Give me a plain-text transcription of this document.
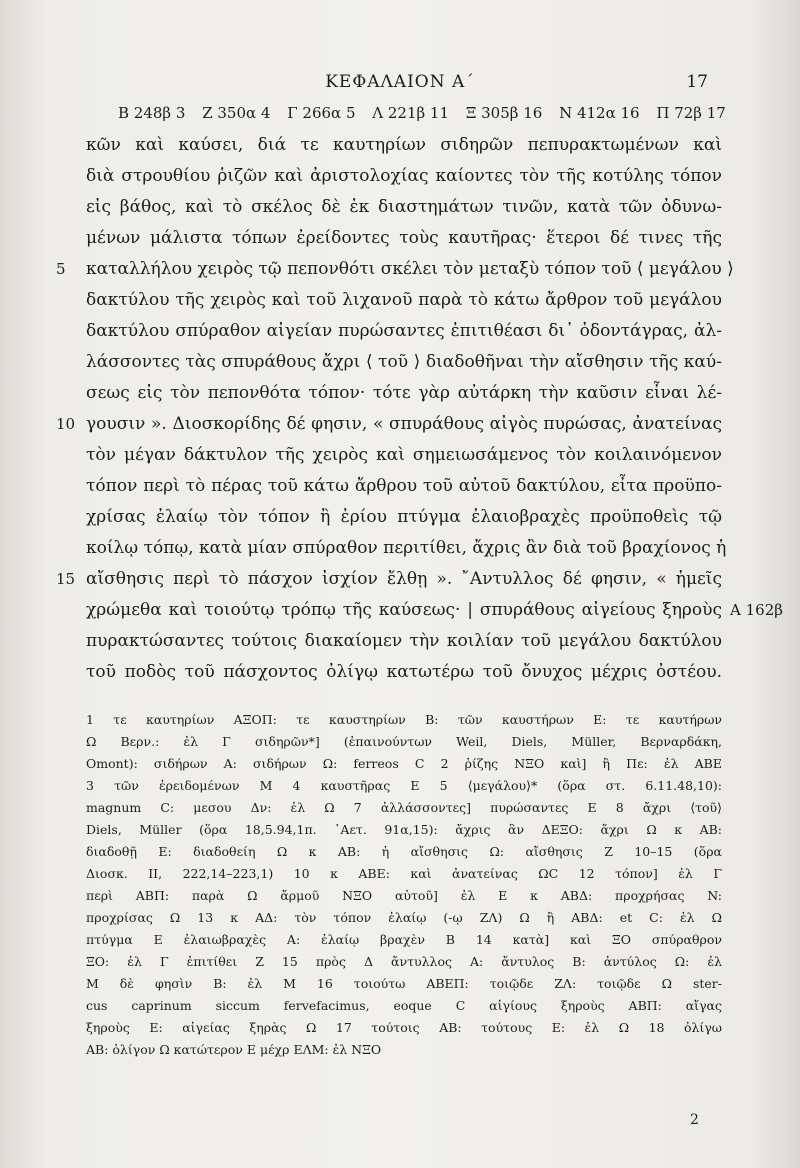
ΚΕΦΑΛΑΙΟΝ Α΄	17
B 248β 3 Z 350α 4 Γ 266α 5 Λ 221β 11 Ξ 305β 16 N 412α 16 Π 72β 17
κῶν καὶ καύσει, διά τε καυτηρίων σιδηρῶν πεπυρακτωμένων καὶ
διὰ στρουθίου ῥιζῶν καὶ ἀριστολοχίας καίοντες τὸν τῆς κοτύλης τόπον
εἰς βάθος, καὶ τὸ σκέλος δὲ ἐκ διαστημάτων τινῶν, κατὰ τῶν ὀδυνω-
μένων μάλιστα τόπων ἐρείδοντες τοὺς καυτῆρας· ἕτεροι δέ τινες τῆς
καταλλήλου χειρὸς τῷ πεπονθότι σκέλει τὸν μεταξὺ τόπον τοῦ ⟨ μεγάλου ⟩
δακτύλου τῆς χειρὸς καὶ τοῦ λιχανοῦ παρὰ τὸ κάτω ἄρθρον τοῦ μεγάλου
δακτύλου σπύραθον αἰγείαν πυρώσαντες ἐπιτιθέασι δι᾿ ὀδοντάγρας, ἀλ-
λάσσοντες τὰς σπυράθους ἄχρι ⟨ τοῦ ⟩ διαδοθῆναι τὴν αἴσθησιν τῆς καύ-
σεως εἰς τὸν πεπονθότα τόπον· τότε γὰρ αὐτάρκη τὴν καῦσιν εἶναι λέ-
γουσιν ». Διοσκορίδης δέ φησιν, « σπυράθους αἰγὸς πυρώσας, ἀνατείνας
τὸν μέγαν δάκτυλον τῆς χειρὸς καὶ σημειωσάμενος τὸν κοιλαινόμενον
τόπον περὶ τὸ πέρας τοῦ κάτω ἄρθρου τοῦ αὐτοῦ δακτύλου, εἶτα προϋπο-
χρίσας ἐλαίῳ τὸν τόπον ἢ ἐρίου πτύγμα ἐλαιοβραχὲς προϋποθεὶς τῷ
κοίλῳ τόπῳ, κατὰ μίαν σπύραθον περιτίθει, ἄχρις ἂν διὰ τοῦ βραχίονος ἡ
αἴσθησις περὶ τὸ πάσχον ἰσχίον ἔλθῃ ». ῎Αντυλλος δέ φησιν, « ἡμεῖς
χρώμεθα καὶ τοιούτῳ τρόπῳ τῆς καύσεως· | σπυράθους αἰγείους ξηροὺς
πυρακτώσαντες τούτοις διακαίομεν τὴν κοιλίαν τοῦ μεγάλου δακτύλου
τοῦ ποδὸς τοῦ πάσχοντος ὀλίγῳ κατωτέρω τοῦ ὄνυχος μέχρις ὀστέου.
5
10
15
A 162β
1 τε καυτηρίων ΑΞΟΠ: τε καυστηρίων B: τῶν καυστήρων E: τε καυτήρων
Ω Βερν.: ἐλ Γ σιδηρῶν*] (ἐπαινούντων Weil, Diels, Müller, Βερναρδάκη,
Omont): σιδήρων A: σιδήρων Ω: ferreos C 2 ῥίζης ΝΞΟ καὶ] ἢ Πε: ἐλ ABE
3 τῶν ἐρειδομένων M 4 καυστῆρας E 5 ⟨μεγάλου⟩* (ὅρα στ. 6.11.48,10):
magnum C: μεσου Δν: ἐλ Ω 7 ἀλλάσσοντες] πυρώσαντες E 8 ἄχρι ⟨τοῦ⟩
Diels, Müller (ὅρα 18,5.94,1π. ᾿Αετ. 91α,15): ἄχρις ἂν ΔΕΞΟ: ἄχρι Ω κ AB:
διαδοθῇ E: διαδοθείη Ω κ AB: ἡ αἴσθησις Ω: αἴσθησις Z 10–15 (ὅρα
Διοσκ. II, 222,14–223,1) 10 κ ABE: καὶ ἀνατείνας ΩC 12 τόπον] ἐλ Γ
περὶ ABΠ: παρὰ Ω ἄρμοῦ ΝΞΟ αὐτοῦ] ἐλ E κ ABΔ: προχρήσας N:
προχρίσας Ω 13 κ AΔ: τὸν τόπον ἐλαίῳ (-ῳ ZΛ) Ω ἢ ABΔ: et C: ἐλ Ω
πτύγμα E ἐλαιωβραχὲς A: ἐλαίῳ βραχὲν B 14 κατὰ] καὶ ΞΟ σπύραθρον
ΞΟ: ἐλ Γ ἐπιτίθει Z 15 πρὸς Δ ἄντυλλος A: ἄντυλος B: ἀντύλος Ω: ἐλ
M δὲ φησὶν B: ἐλ M 16 τοιούτω ABEΠ: τοιῷδε ZΛ: τοιῷδε Ω ster-
cus caprinum siccum fervefacimus, eoque C αἰγίους ξηροὺς ABΠ: αἴγας
ξηροὺς E: αἰγείας ξηρὰς Ω 17 τούτοις AB: τούτους E: ἐλ Ω 18 ὀλίγω
AB: ὀλίγον Ω κατώτερον E μέχρ ΕΛΜ: ἐλ ΝΞΟ
2
